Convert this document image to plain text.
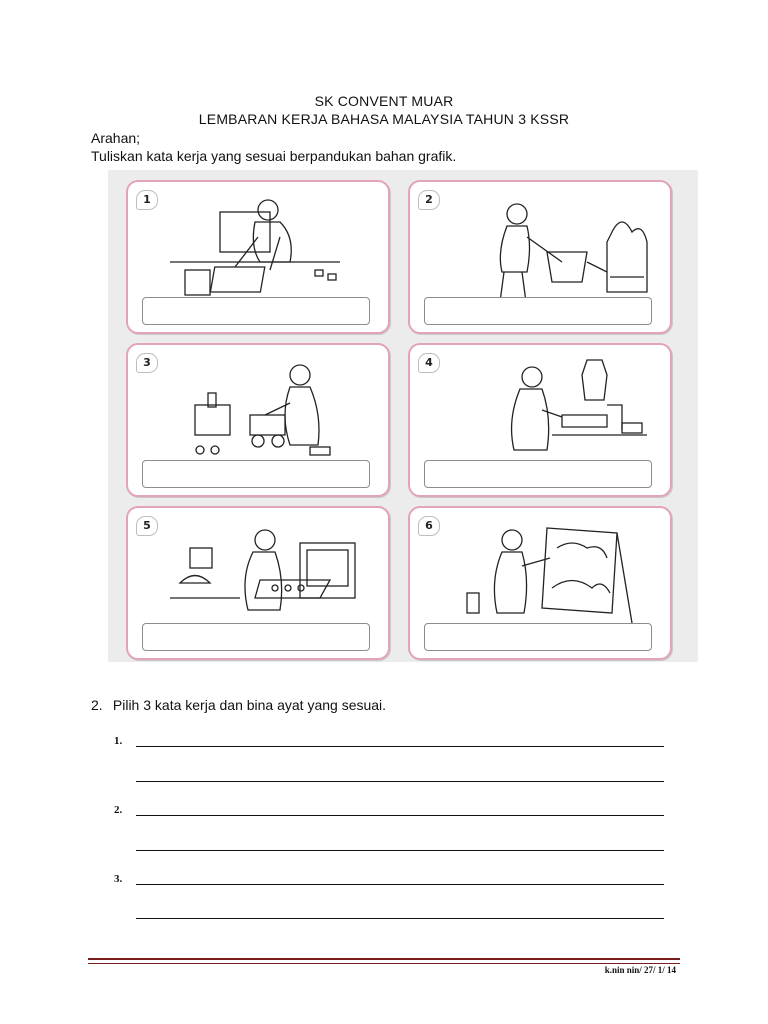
SK CONVENT MUAR
LEMBARAN KERJA BAHASA MALAYSIA TAHUN 3 KSSR
Arahan;
Tuliskan kata kerja yang sesuai berpandukan bahan grafik.
1	2
3	4
5	6
2. Pilih 3 kata kerja dan bina ayat yang sesuai.
1.
2.
3.
k.nin nin/ 27/ 1/ 14
